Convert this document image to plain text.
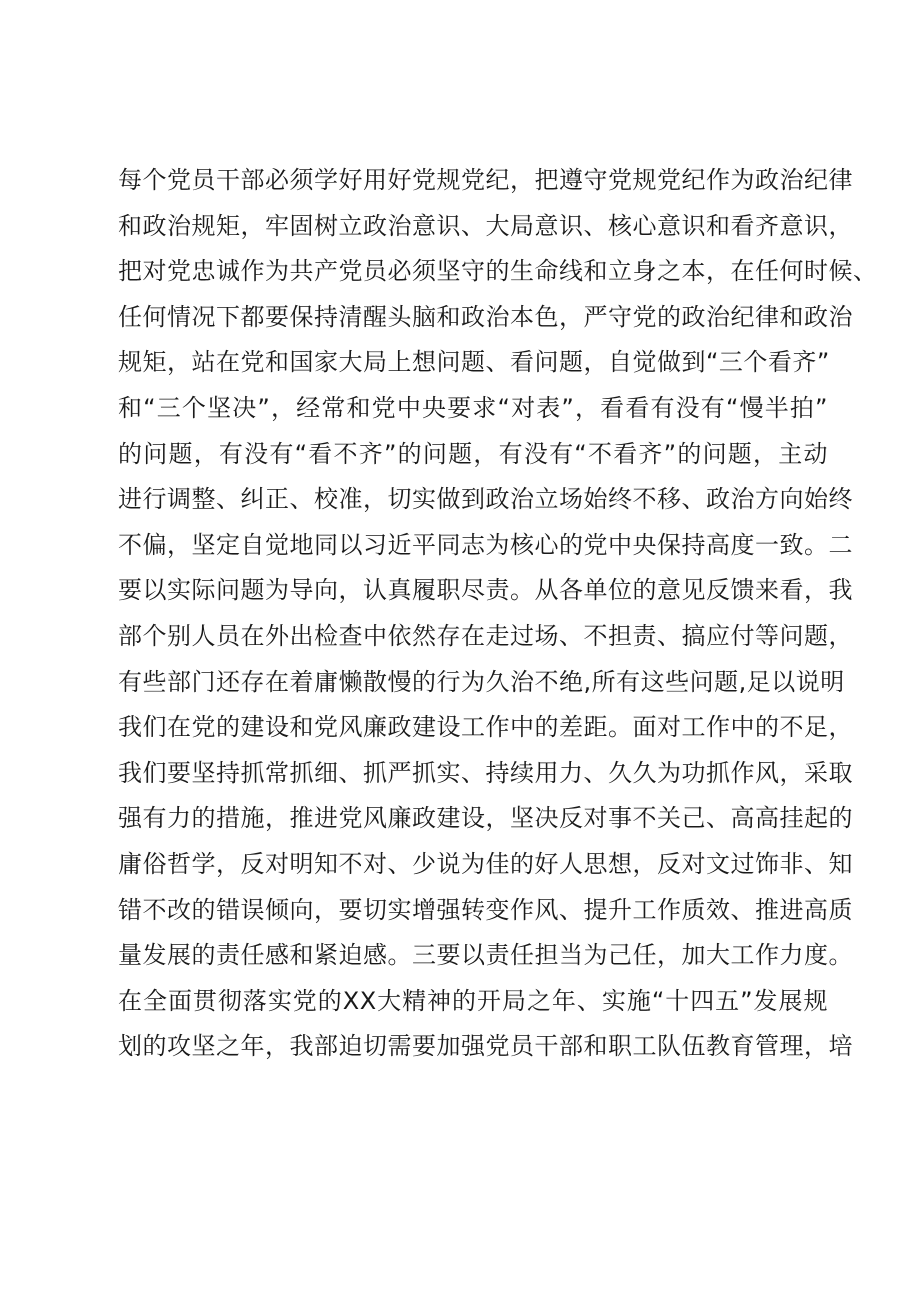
每个党员干部必须学好用好党规党纪，把遵守党规党纪作为政治纪律
和政治规矩，牢固树立政治意识、大局意识、核心意识和看齐意识，
把对党忠诚作为共产党员必须坚守的生命线和立身之本，在任何时候、
任何情况下都要保持清醒头脑和政治本色，严守党的政治纪律和政治
规矩，站在党和国家大局上想问题、看问题，自觉做到“三个看齐”
和“三个坚决”，经常和党中央要求“对表”，看看有没有“慢半拍”
的问题，有没有“看不齐”的问题，有没有“不看齐”的问题，主动
进行调整、纠正、校准，切实做到政治立场始终不移、政治方向始终
不偏，坚定自觉地同以习近平同志为核心的党中央保持高度一致。二
要以实际问题为导向，认真履职尽责。从各单位的意见反馈来看，我
部个别人员在外出检查中依然存在走过场、不担责、搞应付等问题，
有些部门还存在着庸懒散慢的行为久治不绝,所有这些问题,足以说明
我们在党的建设和党风廉政建设工作中的差距。面对工作中的不足，
我们要坚持抓常抓细、抓严抓实、持续用力、久久为功抓作风，采取
强有力的措施，推进党风廉政建设，坚决反对事不关己、高高挂起的
庸俗哲学，反对明知不对、少说为佳的好人思想，反对文过饰非、知
错不改的错误倾向，要切实增强转变作风、提升工作质效、推进高质
量发展的责任感和紧迫感。三要以责任担当为己任，加大工作力度。
在全面贯彻落实党的XX大精神的开局之年、实施“十四五”发展规
划的攻坚之年，我部迫切需要加强党员干部和职工队伍教育管理，培
